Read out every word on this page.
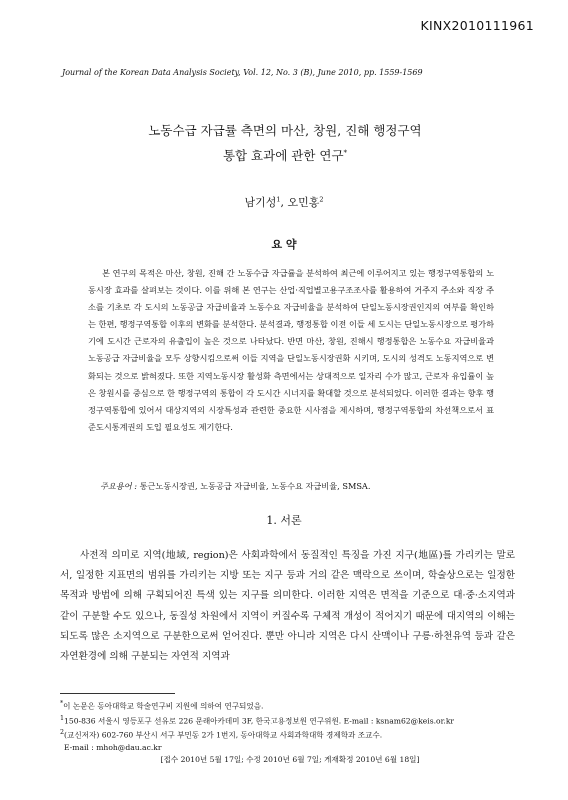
KINX2010111961
Journal of the Korean Data Analysis Society, Vol. 12, No. 3 (B), June 2010, pp. 1559-1569
노동수급 자급률 측면의 마산, 창원, 진해 행정구역
통합 효과에 관한 연구*
남기성$^1$, 오민홍$^2$
요 약
본 연구의 목적은 마산, 창원, 진해 간 노동수급 자급률을 분석하여 최근에 이루어지고 있는 행정구역통합의 노동시장 효과를 살펴보는 것이다. 이를 위해 본 연구는 산업·직업별고용구조조사를 활용하여 거주지 주소와 직장 주소를 기초로 각 도시의 노동공급 자급비율과 노동수요 자급비율을 분석하여 단일노동시장권인지의 여부를 확인하는 한편, 행정구역통합 이후의 변화를 분석한다. 분석결과, 행정통합 이전 이들 세 도시는 단일노동시장으로 평가하기에 도시간 근로자의 유출입이 높은 것으로 나타났다. 반면 마산, 창원, 진해시 행정통합은 노동수요 자급비율과 노동공급 자급비율을 모두 상향시킴으로써 이들 지역을 단일노동시장권화 시키며, 도시의 성격도 노동지역으로 변화되는 것으로 밝혀졌다. 또한 지역노동시장 활성화 측면에서는 상대적으로 일자리 수가 많고, 근로자 유입률이 높은 창원시를 중심으로 한 행정구역의 통합이 각 도시간 시너지를 확대할 것으로 분석되었다. 이러한 결과는 향후 행정구역통합에 있어서 대상지역의 시장특성과 관련한 중요한 시사점을 제시하며, 행정구역통합의 차선책으로서 표준도시통계권의 도입 필요성도 제기한다.
주요용어 : 통근노동시장권, 노동공급 자급비율, 노동수요 자급비율, SMSA.
1. 서론
사전적 의미로 지역(地域, region)은 사회과학에서 동질적인 특징을 가진 지구(地區)를 가리키는 말로서, 일정한 지표면의 범위를 가리키는 지방 또는 지구 등과 거의 같은 맥락으로 쓰이며, 학술상으로는 일정한 목적과 방법에 의해 구획되어진 특색 있는 지구를 의미한다. 이러한 지역은 면적을 기준으로 대·중·소지역과 같이 구분할 수도 있으나, 동질성 차원에서 지역이 커질수록 구체적 개성이 적어지기 때문에 대지역의 이해는 되도록 많은 소지역으로 구분한으로써 얻어진다. 뿐만 아니라 지역은 다시 산맥이나 구릉·하천유역 등과 같은 자연환경에 의해 구분되는 자연적 지역과
*이 논문은 동아대학교 학술연구비 지원에 의하여 연구되었음.
$^1$150-836 서울시 영등포구 선유로 226 문래아카데미 3F, 한국고용정보원 연구위원. E-mail : ksnam62@keis.or.kr
$^2$(교신저자) 602-760 부산시 서구 부민동 2가 1번지, 동아대학교 사회과학대학 경제학과 조교수.
E-mail : mhoh@dau.ac.kr
[접수 2010년 5월 17일; 수정 2010년 6월 7일; 게재확정 2010년 6월 18일]
